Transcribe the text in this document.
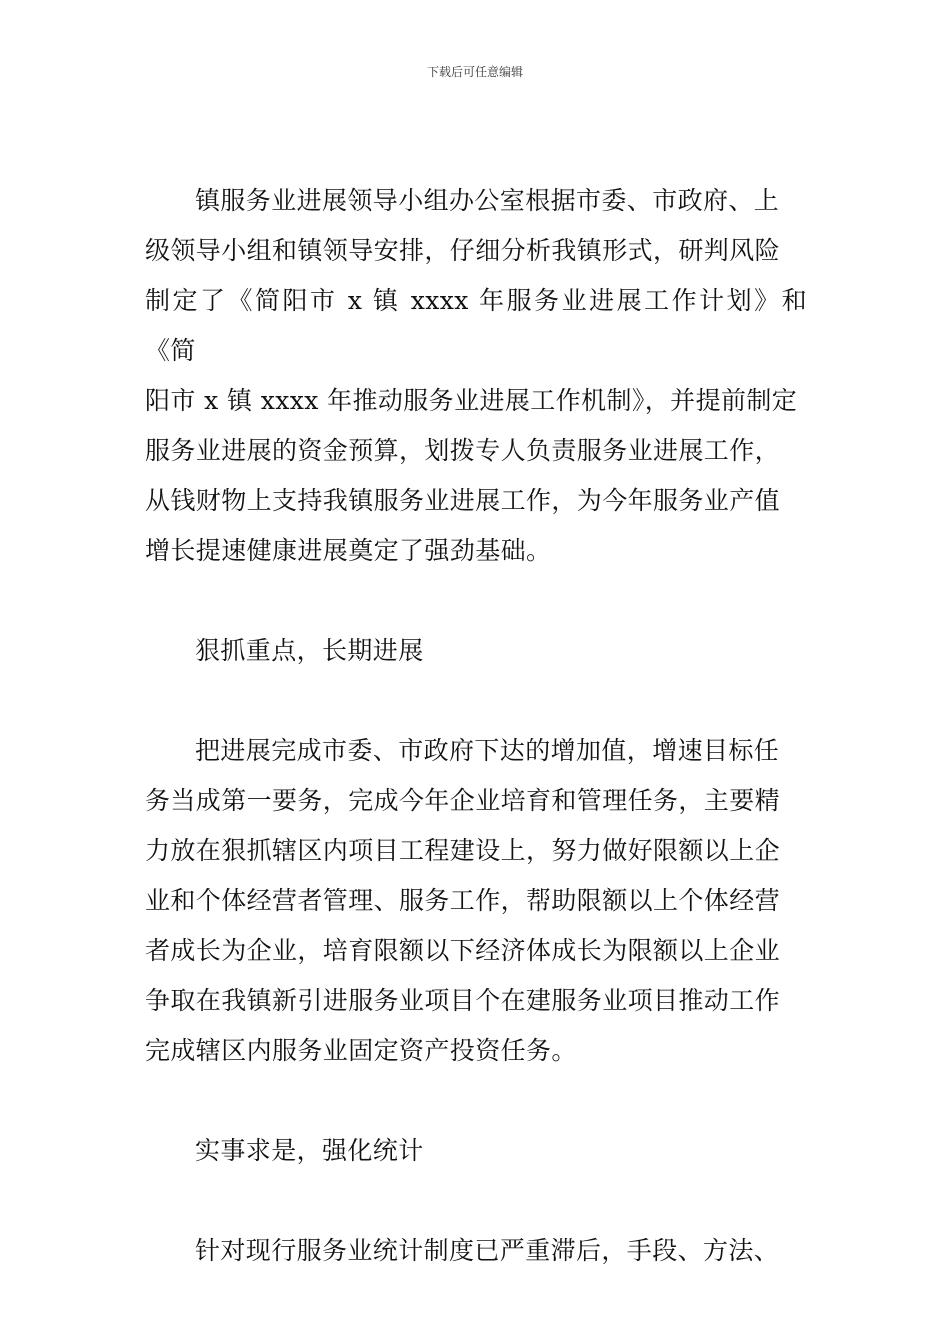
下载后可任意编辑

镇服务业进展领导小组办公室根据市委、市政府、上
级领导小组和镇领导安排，仔细分析我镇形式，研判风险
制定了《简阳市 x 镇 xxxx 年服务业进展工作计划》和《简
阳市 x 镇 xxxx 年推动服务业进展工作机制》，并提前制定
服务业进展的资金预算，划拨专人负责服务业进展工作，
从钱财物上支持我镇服务业进展工作，为今年服务业产值
增长提速健康进展奠定了强劲基础。

狠抓重点，长期进展

把进展完成市委、市政府下达的增加值，增速目标任
务当成第一要务，完成今年企业培育和管理任务，主要精
力放在狠抓辖区内项目工程建设上，努力做好限额以上企
业和个体经营者管理、服务工作，帮助限额以上个体经营
者成长为企业，培育限额以下经济体成长为限额以上企业
争取在我镇新引进服务业项目个在建服务业项目推动工作
完成辖区内服务业固定资产投资任务。

实事求是，强化统计

针对现行服务业统计制度已严重滞后，手段、方法、
